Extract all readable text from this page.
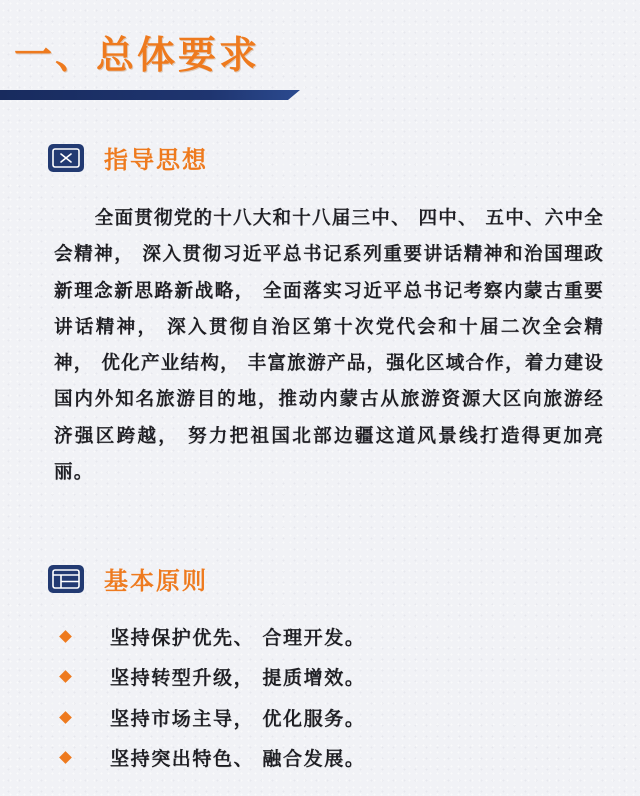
一、总体要求
指导思想

全面贯彻党的十八大和十八届三中、 四中、 五中、六中全会精神， 深入贯彻习近平总书记系列重要讲话精神和治国理政新理念新思路新战略， 全面落实习近平总书记考察内蒙古重要讲话精神， 深入贯彻自治区第十次党代会和十届二次全会精神， 优化产业结构， 丰富旅游产品，强化区域合作，着力建设国内外知名旅游目的地，推动内蒙古从旅游资源大区向旅游经济强区跨越， 努力把祖国北部边疆这道风景线打造得更加亮丽。

基本原则
坚持保护优先、 合理开发。
坚持转型升级， 提质增效。
坚持市场主导， 优化服务。
坚持突出特色、 融合发展。
